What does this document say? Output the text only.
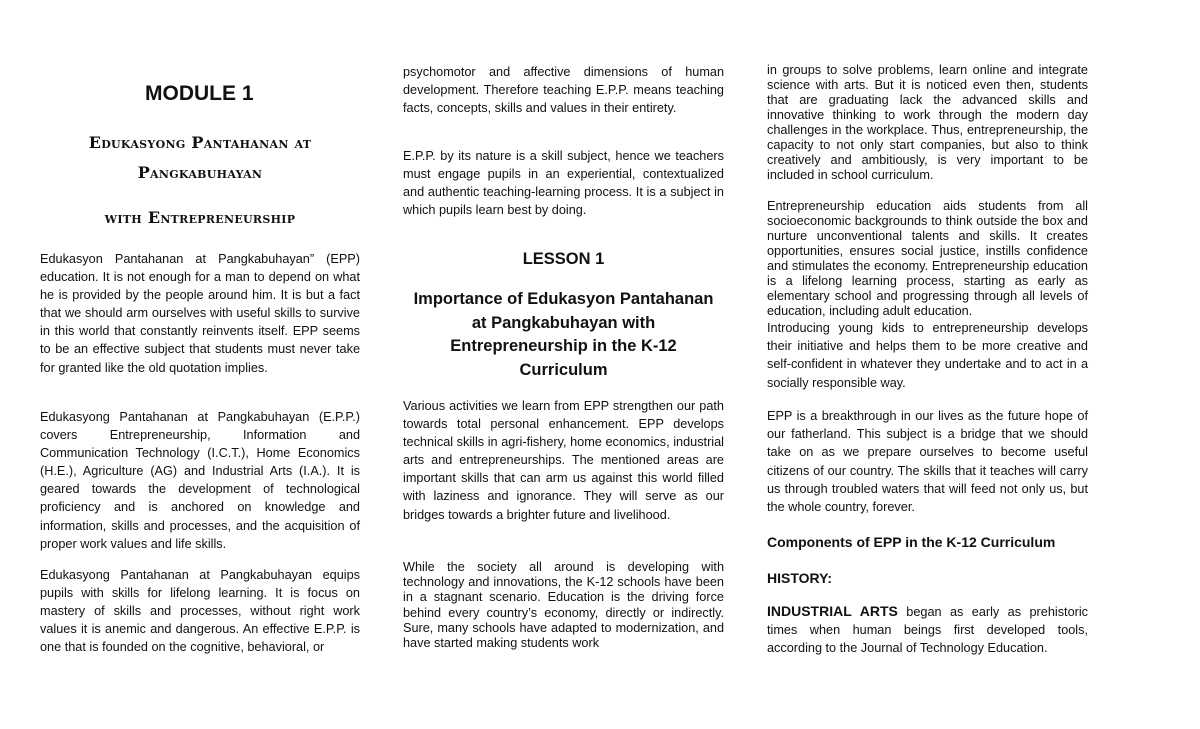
MODULE 1
Edukasyong Pantahanan at
Pangkabuhayan
with Entrepreneurship

Edukasyon Pantahanan at Pangkabuhayan” (EPP) education. It is not enough for a man to depend on what he is provided by the people around him. It is but a fact that we should arm ourselves with useful skills to survive in this world that constantly reinvents itself. EPP seems to be an effective subject that students must never take for granted like the old quotation implies.

Edukasyong Pantahanan at Pangkabuhayan (E.P.P.) covers Entrepreneurship, Information and Communication Technology (I.C.T.), Home Economics (H.E.), Agriculture (AG) and Industrial Arts (I.A.). It is geared towards the development of technological proficiency and is anchored on knowledge and information, skills and processes, and the acquisition of proper work values and life skills.

Edukasyong Pantahanan at Pangkabuhayan equips pupils with skills for lifelong learning. It is focus on mastery of skills and processes, without right work values it is anemic and dangerous. An effective E.P.P. is one that is founded on the cognitive, behavioral, or

psychomotor and affective dimensions of human development. Therefore teaching E.P.P. means teaching facts, concepts, skills and values in their entirety.

E.P.P. by its nature is a skill subject, hence we teachers must engage pupils in an experiential, contextualized and authentic teaching-learning process. It is a subject in which pupils learn best by doing.

LESSON 1
Importance of Edukasyon Pantahanan
at Pangkabuhayan with
Entrepreneurship in the K-12
Curriculum

Various activities we learn from EPP strengthen our path towards total personal enhancement. EPP develops technical skills in agri-fishery, home economics, industrial arts and entrepreneurships. The mentioned areas are important skills that can arm us against this world filled with laziness and ignorance. They will serve as our bridges towards a brighter future and livelihood.

While the society all around is developing with technology and innovations, the K-12 schools have been in a stagnant scenario. Education is the driving force behind every country’s economy, directly or indirectly. Sure, many schools have adapted to modernization, and have started making students work

in groups to solve problems, learn online and integrate science with arts. But it is noticed even then, students that are graduating lack the advanced skills and innovative thinking to work through the modern day challenges in the workplace. Thus, entrepreneurship, the capacity to not only start companies, but also to think creatively and ambitiously, is very important to be included in school curriculum.

Entrepreneurship education aids students from all socioeconomic backgrounds to think outside the box and nurture unconventional talents and skills. It creates opportunities, ensures social justice, instills confidence and stimulates the economy. Entrepreneurship education is a lifelong learning process, starting as early as elementary school and progressing through all levels of education, including adult education.

Introducing young kids to entrepreneurship develops their initiative and helps them to be more creative and self-confident in whatever they undertake and to act in a socially responsible way.

EPP is a breakthrough in our lives as the future hope of our fatherland. This subject is a bridge that we should take on as we prepare ourselves to become useful citizens of our country. The skills that it teaches will carry us through troubled waters that will feed not only us, but the whole country, forever.

Components of EPP in the K-12 Curriculum
HISTORY:

INDUSTRIAL ARTS began as early as prehistoric times when human beings first developed tools, according to the Journal of Technology Education.
